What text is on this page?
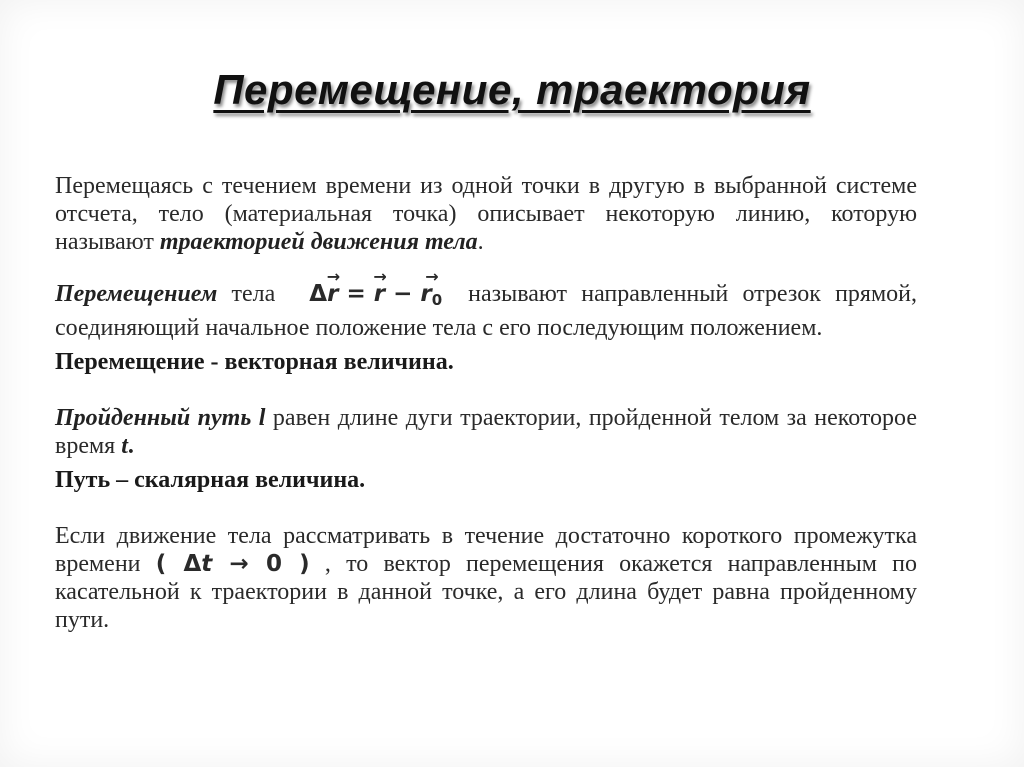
Перемещение, траектория

Перемещаясь с течением времени из одной точки в другую в выбранной системе отсчета, тело (материальная точка) описывает некоторую линию, которую называют траекторией движения тела.

Перемещением тела Δ→ r = → r − → $r_0$ называют направленный отрезок прямой, соединяющий начальное положение тела с его последующим положением.

Перемещение - векторная величина.

Пройденный путь l равен длине дуги траектории, пройденной телом за некоторое время t.

Путь – скалярная величина.

Если движение тела рассматривать в течение достаточно короткого промежутка времени ( Δt → 0 ) , то вектор перемещения окажется направленным по касательной к траектории в данной точке, а его длина будет равна пройденному пути.
